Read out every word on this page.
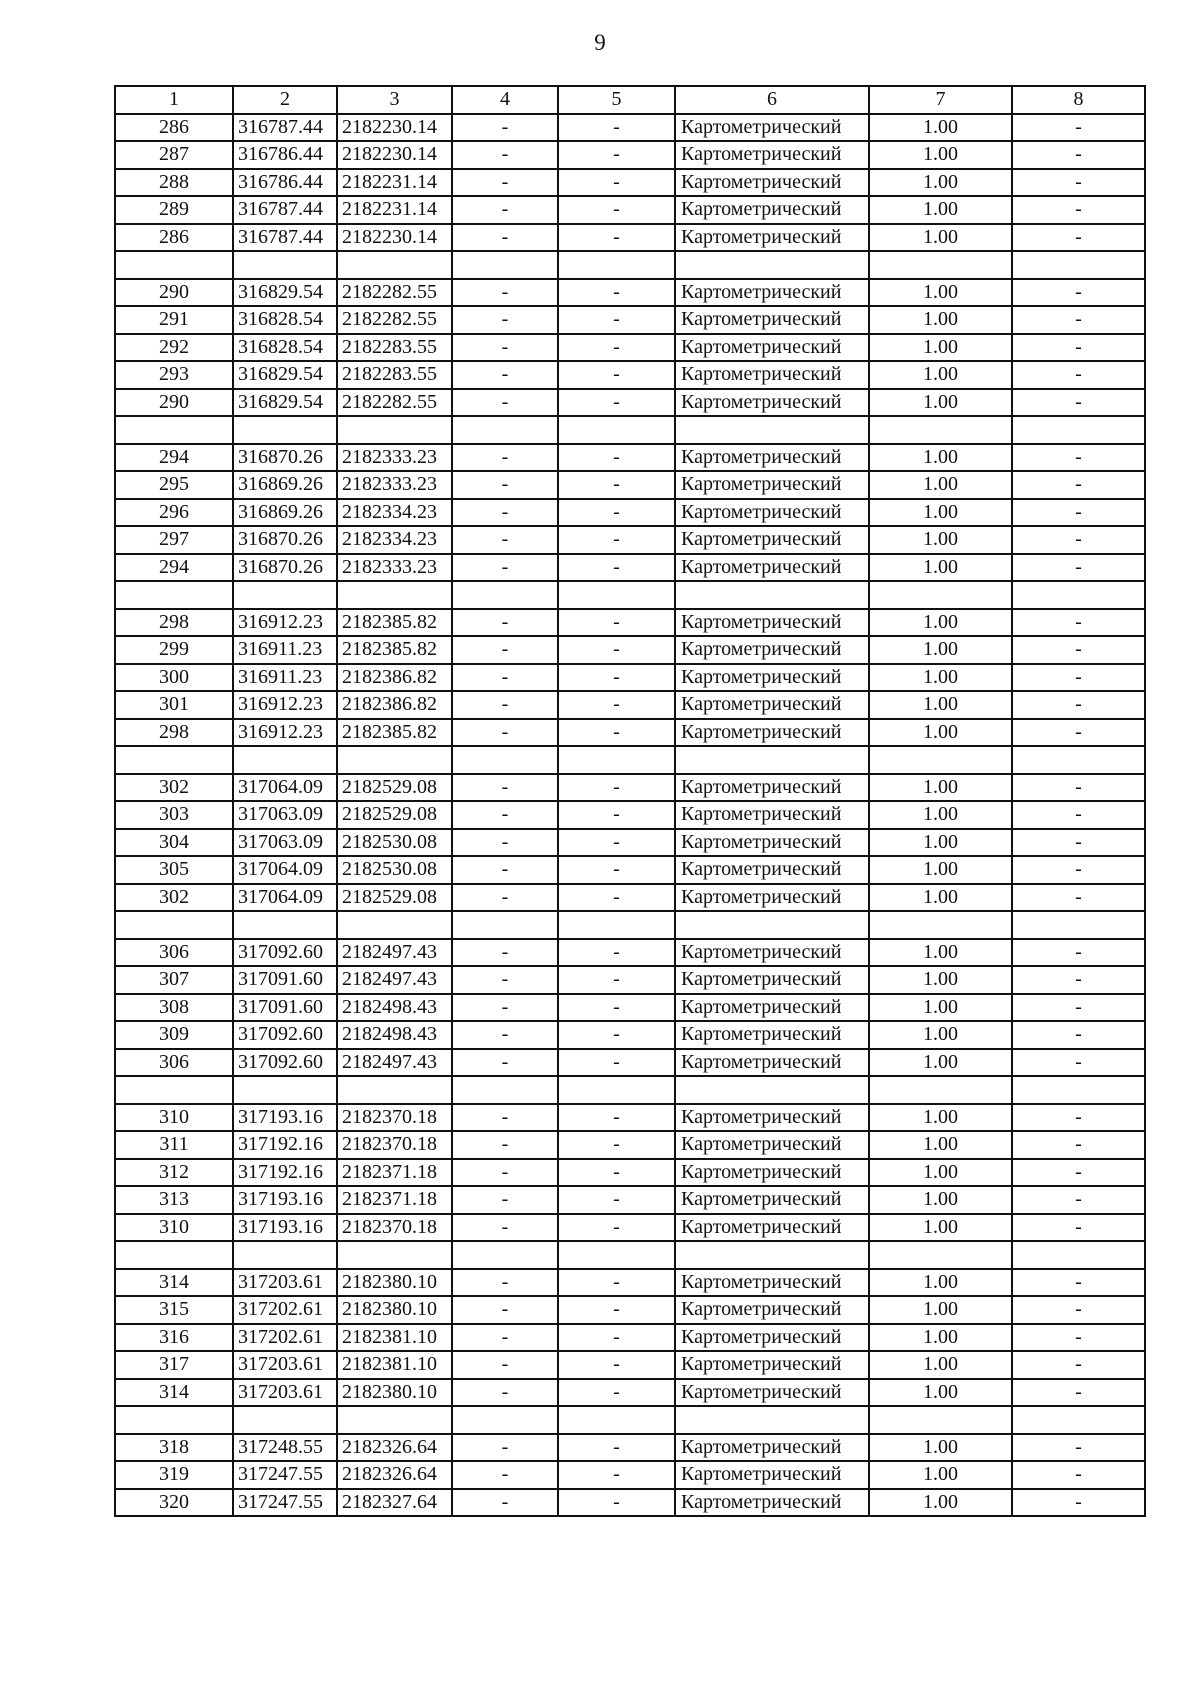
9
1	2	3	4	5	6	7	8
286	316787.44	2182230.14	-	-	Картометрический	1.00	-
287	316786.44	2182230.14	-	-	Картометрический	1.00	-
288	316786.44	2182231.14	-	-	Картометрический	1.00	-
289	316787.44	2182231.14	-	-	Картометрический	1.00	-
286	316787.44	2182230.14	-	-	Картометрический	1.00	-

290	316829.54	2182282.55	-	-	Картометрический	1.00	-
291	316828.54	2182282.55	-	-	Картометрический	1.00	-
292	316828.54	2182283.55	-	-	Картометрический	1.00	-
293	316829.54	2182283.55	-	-	Картометрический	1.00	-
290	316829.54	2182282.55	-	-	Картометрический	1.00	-

294	316870.26	2182333.23	-	-	Картометрический	1.00	-
295	316869.26	2182333.23	-	-	Картометрический	1.00	-
296	316869.26	2182334.23	-	-	Картометрический	1.00	-
297	316870.26	2182334.23	-	-	Картометрический	1.00	-
294	316870.26	2182333.23	-	-	Картометрический	1.00	-

298	316912.23	2182385.82	-	-	Картометрический	1.00	-
299	316911.23	2182385.82	-	-	Картометрический	1.00	-
300	316911.23	2182386.82	-	-	Картометрический	1.00	-
301	316912.23	2182386.82	-	-	Картометрический	1.00	-
298	316912.23	2182385.82	-	-	Картометрический	1.00	-

302	317064.09	2182529.08	-	-	Картометрический	1.00	-
303	317063.09	2182529.08	-	-	Картометрический	1.00	-
304	317063.09	2182530.08	-	-	Картометрический	1.00	-
305	317064.09	2182530.08	-	-	Картометрический	1.00	-
302	317064.09	2182529.08	-	-	Картометрический	1.00	-

306	317092.60	2182497.43	-	-	Картометрический	1.00	-
307	317091.60	2182497.43	-	-	Картометрический	1.00	-
308	317091.60	2182498.43	-	-	Картометрический	1.00	-
309	317092.60	2182498.43	-	-	Картометрический	1.00	-
306	317092.60	2182497.43	-	-	Картометрический	1.00	-

310	317193.16	2182370.18	-	-	Картометрический	1.00	-
311	317192.16	2182370.18	-	-	Картометрический	1.00	-
312	317192.16	2182371.18	-	-	Картометрический	1.00	-
313	317193.16	2182371.18	-	-	Картометрический	1.00	-
310	317193.16	2182370.18	-	-	Картометрический	1.00	-

314	317203.61	2182380.10	-	-	Картометрический	1.00	-
315	317202.61	2182380.10	-	-	Картометрический	1.00	-
316	317202.61	2182381.10	-	-	Картометрический	1.00	-
317	317203.61	2182381.10	-	-	Картометрический	1.00	-
314	317203.61	2182380.10	-	-	Картометрический	1.00	-

318	317248.55	2182326.64	-	-	Картометрический	1.00	-
319	317247.55	2182326.64	-	-	Картометрический	1.00	-
320	317247.55	2182327.64	-	-	Картометрический	1.00	-
